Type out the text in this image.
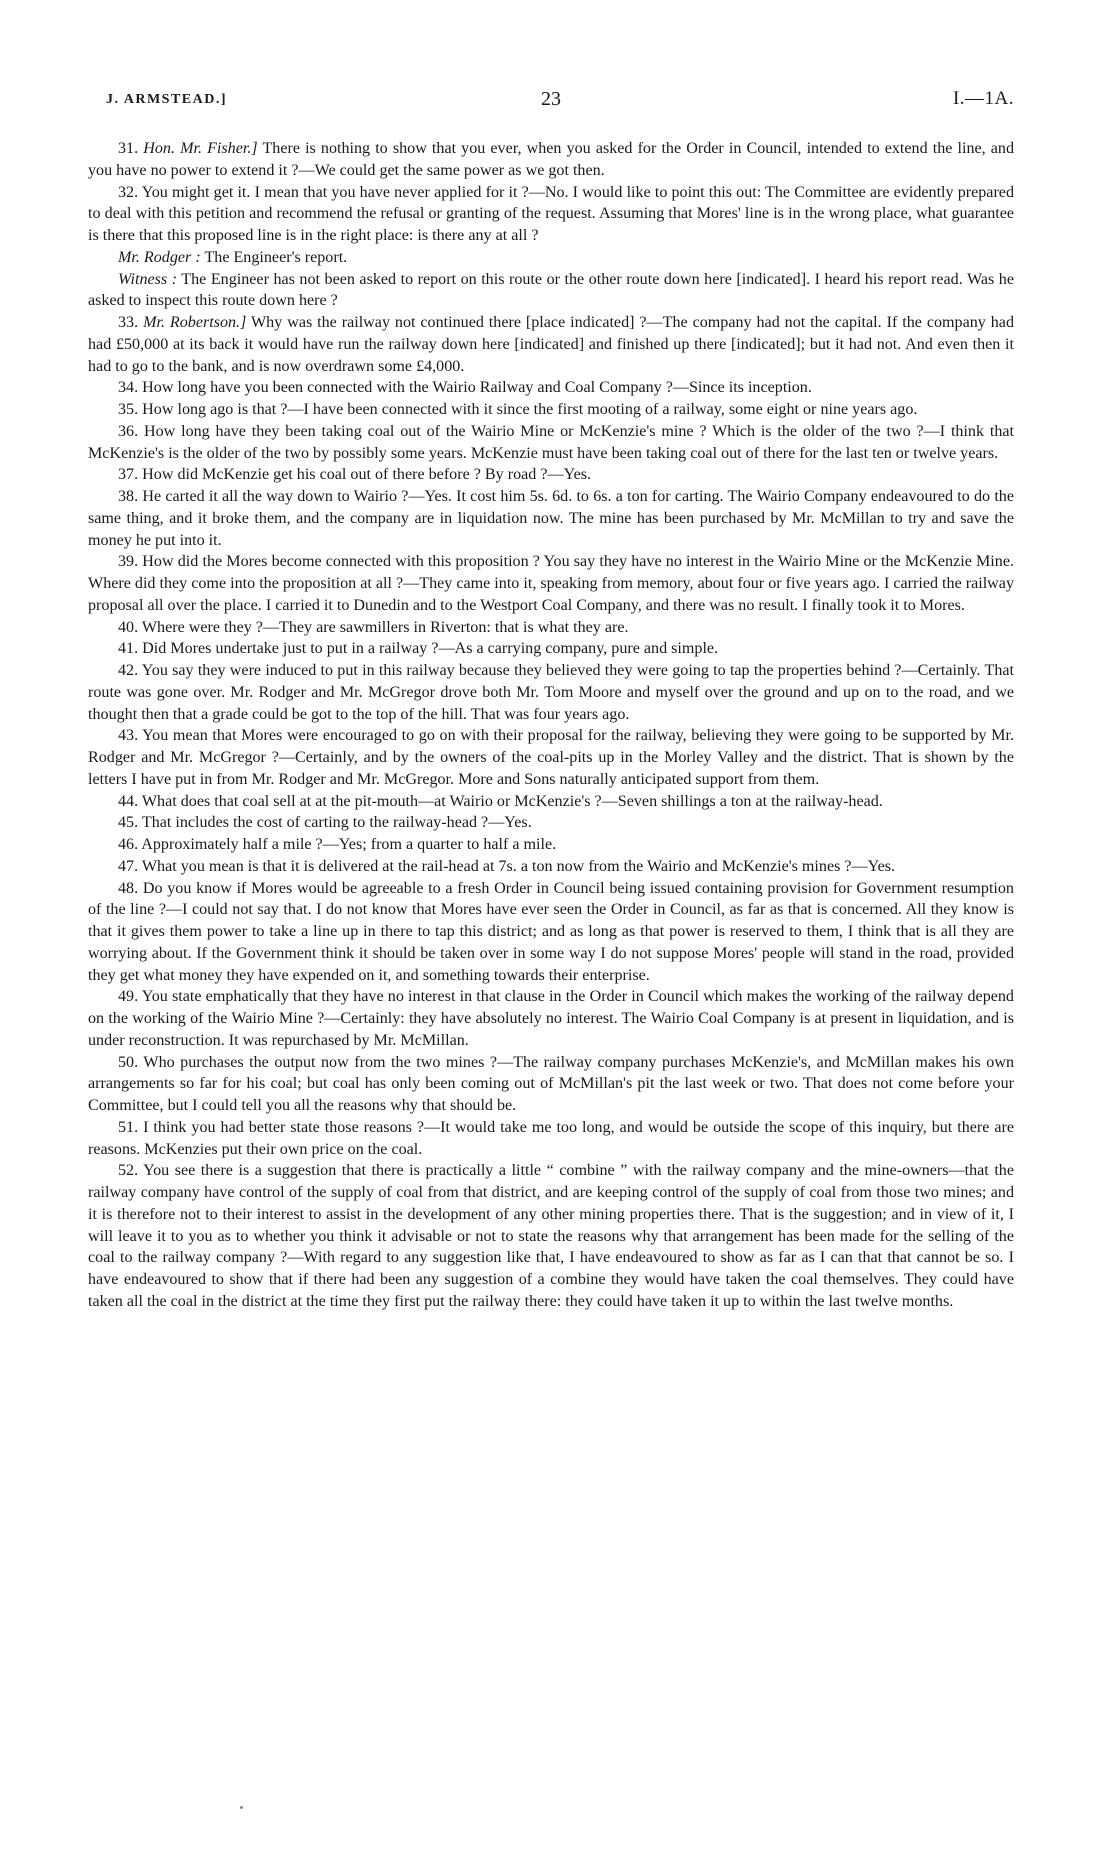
J. ARMSTEAD.]	23	I.—1A.

31. Hon. Mr. Fisher.] There is nothing to show that you ever, when you asked for the Order in Council, intended to extend the line, and you have no power to extend it ?—We could get the same power as we got then.

32. You might get it. I mean that you have never applied for it ?—No. I would like to point this out: The Committee are evidently prepared to deal with this petition and recommend the refusal or granting of the request. Assuming that Mores' line is in the wrong place, what guarantee is there that this proposed line is in the right place: is there any at all ?

Mr. Rodger : The Engineer's report.

Witness : The Engineer has not been asked to report on this route or the other route down here [indicated]. I heard his report read. Was he asked to inspect this route down here ?

33. Mr. Robertson.] Why was the railway not continued there [place indicated] ?—The company had not the capital. If the company had had £50,000 at its back it would have run the railway down here [indicated] and finished up there [indicated]; but it had not. And even then it had to go to the bank, and is now overdrawn some £4,000.

34. How long have you been connected with the Wairio Railway and Coal Company ?—Since its inception.

35. How long ago is that ?—I have been connected with it since the first mooting of a railway, some eight or nine years ago.

36. How long have they been taking coal out of the Wairio Mine or McKenzie's mine ? Which is the older of the two ?—I think that McKenzie's is the older of the two by possibly some years. McKenzie must have been taking coal out of there for the last ten or twelve years.

37. How did McKenzie get his coal out of there before ? By road ?—Yes.

38. He carted it all the way down to Wairio ?—Yes. It cost him 5s. 6d. to 6s. a ton for carting. The Wairio Company endeavoured to do the same thing, and it broke them, and the company are in liquidation now. The mine has been purchased by Mr. McMillan to try and save the money he put into it.

39. How did the Mores become connected with this proposition ? You say they have no interest in the Wairio Mine or the McKenzie Mine. Where did they come into the proposition at all ?—They came into it, speaking from memory, about four or five years ago. I carried the railway proposal all over the place. I carried it to Dunedin and to the Westport Coal Company, and there was no result. I finally took it to Mores.

40. Where were they ?—They are sawmillers in Riverton: that is what they are.

41. Did Mores undertake just to put in a railway ?—As a carrying company, pure and simple.

42. You say they were induced to put in this railway because they believed they were going to tap the properties behind ?—Certainly. That route was gone over. Mr. Rodger and Mr. McGregor drove both Mr. Tom Moore and myself over the ground and up on to the road, and we thought then that a grade could be got to the top of the hill. That was four years ago.

43. You mean that Mores were encouraged to go on with their proposal for the railway, believing they were going to be supported by Mr. Rodger and Mr. McGregor ?—Certainly, and by the owners of the coal-pits up in the Morley Valley and the district. That is shown by the letters I have put in from Mr. Rodger and Mr. McGregor. More and Sons naturally anticipated support from them.

44. What does that coal sell at at the pit-mouth—at Wairio or McKenzie's ?—Seven shillings a ton at the railway-head.

45. That includes the cost of carting to the railway-head ?—Yes.

46. Approximately half a mile ?—Yes; from a quarter to half a mile.

47. What you mean is that it is delivered at the rail-head at 7s. a ton now from the Wairio and McKenzie's mines ?—Yes.

48. Do you know if Mores would be agreeable to a fresh Order in Council being issued containing provision for Government resumption of the line ?—I could not say that. I do not know that Mores have ever seen the Order in Council, as far as that is concerned. All they know is that it gives them power to take a line up in there to tap this district; and as long as that power is reserved to them, I think that is all they are worrying about. If the Government think it should be taken over in some way I do not suppose Mores' people will stand in the road, provided they get what money they have expended on it, and something towards their enterprise.

49. You state emphatically that they have no interest in that clause in the Order in Council which makes the working of the railway depend on the working of the Wairio Mine ?—Certainly: they have absolutely no interest. The Wairio Coal Company is at present in liquidation, and is under reconstruction. It was repurchased by Mr. McMillan.

50. Who purchases the output now from the two mines ?—The railway company purchases McKenzie's, and McMillan makes his own arrangements so far for his coal; but coal has only been coming out of McMillan's pit the last week or two. That does not come before your Committee, but I could tell you all the reasons why that should be.

51. I think you had better state those reasons ?—It would take me too long, and would be outside the scope of this inquiry, but there are reasons. McKenzies put their own price on the coal.

52. You see there is a suggestion that there is practically a little “ combine ” with the railway company and the mine-owners—that the railway company have control of the supply of coal from that district, and are keeping control of the supply of coal from those two mines; and it is therefore not to their interest to assist in the development of any other mining properties there. That is the suggestion; and in view of it, I will leave it to you as to whether you think it advisable or not to state the reasons why that arrangement has been made for the selling of the coal to the railway company ?—With regard to any suggestion like that, I have endeavoured to show as far as I can that that cannot be so. I have endeavoured to show that if there had been any suggestion of a combine they would have taken the coal themselves. They could have taken all the coal in the district at the time they first put the railway there: they could have taken it up to within the last twelve months.
